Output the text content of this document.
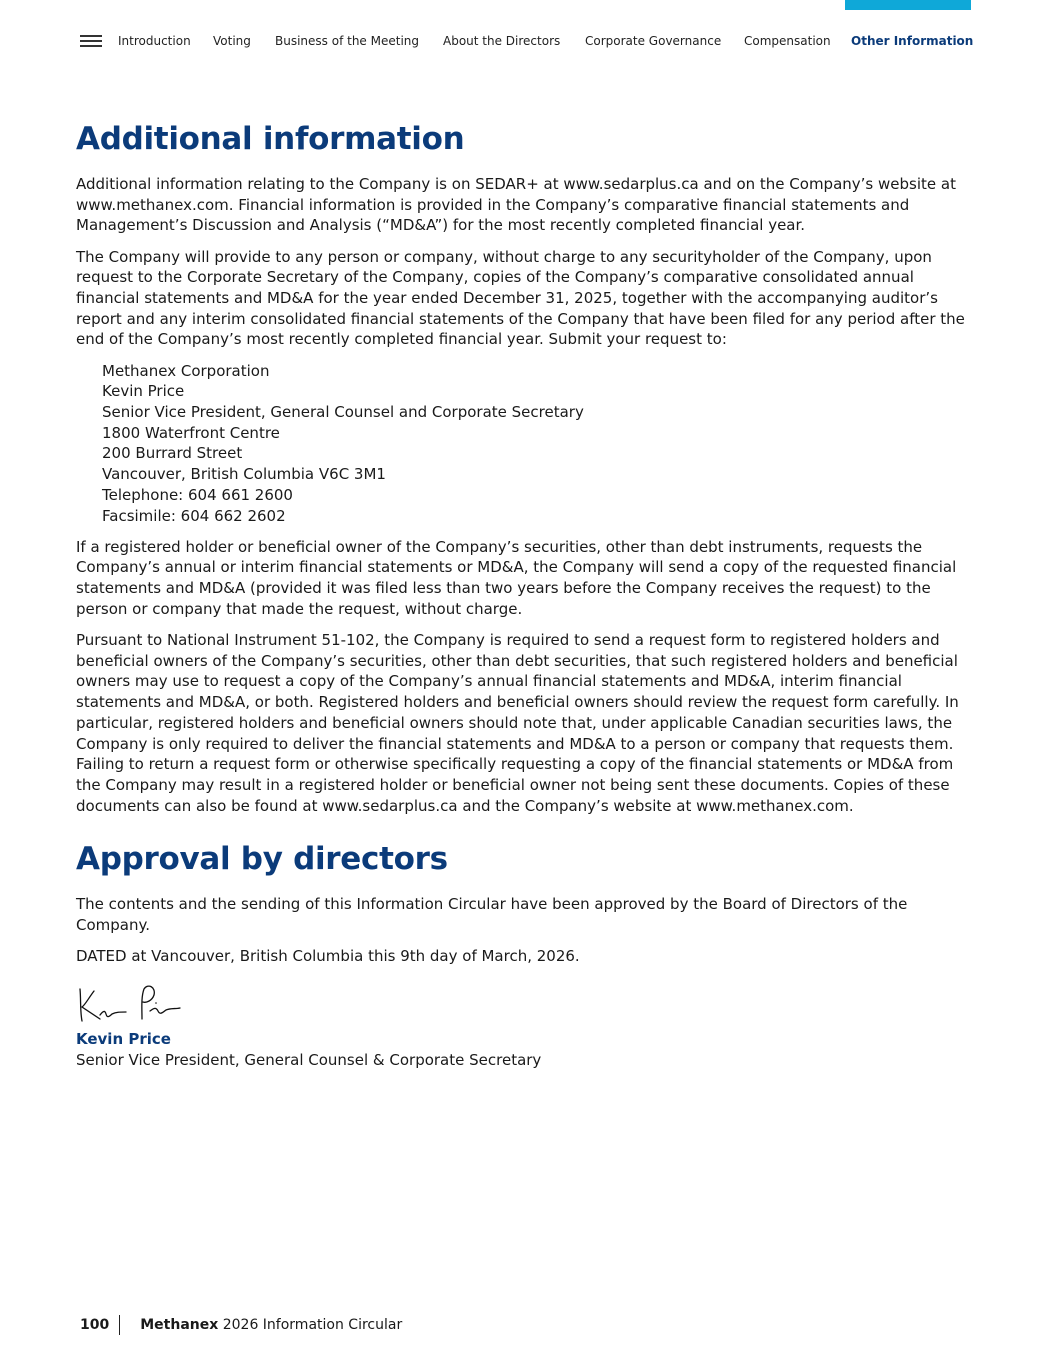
Introduction Voting Business of the Meeting About the Directors Corporate Governance Compensation Other Information
Additional information

Additional information relating to the Company is on SEDAR+ at www.sedarplus.ca and on the Company’s website at www.methanex.com. Financial information is provided in the Company’s comparative financial statements and Management’s Discussion and Analysis (“MD&A”) for the most recently completed financial year.

The Company will provide to any person or company, without charge to any securityholder of the Company, upon request to the Corporate Secretary of the Company, copies of the Company’s comparative consolidated annual financial statements and MD&A for the year ended December 31, 2025, together with the accompanying auditor’s report and any interim consolidated financial statements of the Company that have been filed for any period after the end of the Company’s most recently completed financial year. Submit your request to:

Methanex Corporation
Kevin Price
Senior Vice President, General Counsel and Corporate Secretary
1800 Waterfront Centre
200 Burrard Street
Vancouver, British Columbia V6C 3M1
Telephone: 604 661 2600
Facsimile: 604 662 2602

If a registered holder or beneficial owner of the Company’s securities, other than debt instruments, requests the Company’s annual or interim financial statements or MD&A, the Company will send a copy of the requested financial statements and MD&A (provided it was filed less than two years before the Company receives the request) to the person or company that made the request, without charge.

Pursuant to National Instrument 51-102, the Company is required to send a request form to registered holders and beneficial owners of the Company’s securities, other than debt securities, that such registered holders and beneficial owners may use to request a copy of the Company’s annual financial statements and MD&A, interim financial statements and MD&A, or both. Registered holders and beneficial owners should review the request form carefully. In particular, registered holders and beneficial owners should note that, under applicable Canadian securities laws, the Company is only required to deliver the financial statements and MD&A to a person or company that requests them. Failing to return a request form or otherwise specifically requesting a copy of the financial statements or MD&A from the Company may result in a registered holder or beneficial owner not being sent these documents. Copies of these documents can also be found at www.sedarplus.ca and the Company’s website at www.methanex.com.

Approval by directors

The contents and the sending of this Information Circular have been approved by the Board of Directors of the Company.

DATED at Vancouver, British Columbia this 9th day of March, 2026.

Kevin Price

Senior Vice President, General Counsel & Corporate Secretary

100 Methanex 2026 Information Circular
